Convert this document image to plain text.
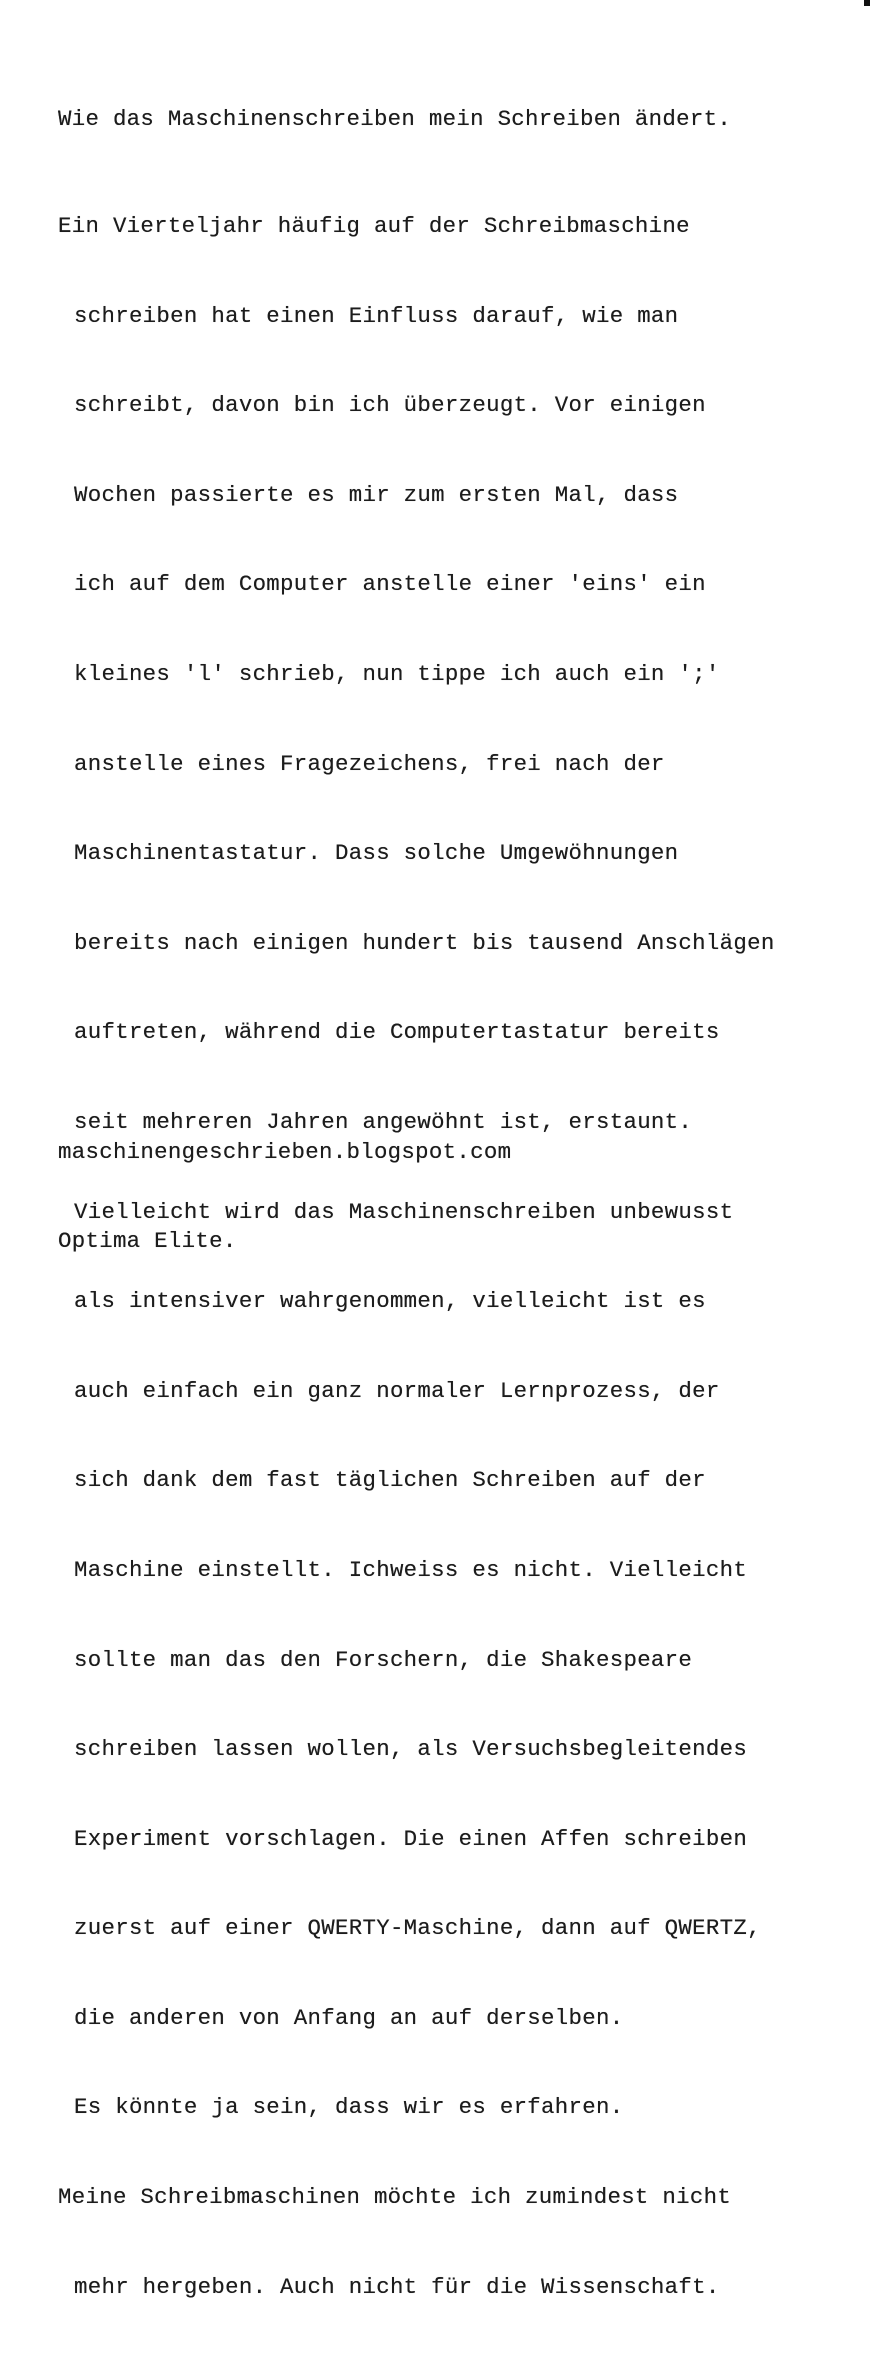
Wie das Maschinenschreiben mein Schreiben ändert.

Ein Vierteljahr häufig auf der Schreibmaschine

schreiben hat einen Einfluss darauf, wie man

schreibt, davon bin ich überzeugt. Vor einigen

Wochen passierte es mir zum ersten Mal, dass

ich auf dem Computer anstelle einer 'eins' ein

kleines 'l' schrieb, nun tippe ich auch ein ';'

anstelle eines Fragezeichens, frei nach der

Maschinentastatur. Dass solche Umgewöhnungen

bereits nach einigen hundert bis tausend Anschlägen

auftreten, während die Computertastatur bereits

seit mehreren Jahren angewöhnt ist, erstaunt.

Vielleicht wird das Maschinenschreiben unbewusst

als intensiver wahrgenommen, vielleicht ist es

auch einfach ein ganz normaler Lernprozess, der

sich dank dem fast täglichen Schreiben auf der

Maschine einstellt. Ichweiss es nicht. Vielleicht

sollte man das den Forschern, die Shakespeare

schreiben lassen wollen, als Versuchsbegleitendes

Experiment vorschlagen. Die einen Affen schreiben

zuerst auf einer QWERTY-Maschine, dann auf QWERTZ,

die anderen von Anfang an auf derselben.

Es könnte ja sein, dass wir es erfahren.

Meine Schreibmaschinen möchte ich zumindest nicht

mehr hergeben. Auch nicht für die Wissenschaft.

maschinengeschrieben.blogspot.com

Optima Elite.
